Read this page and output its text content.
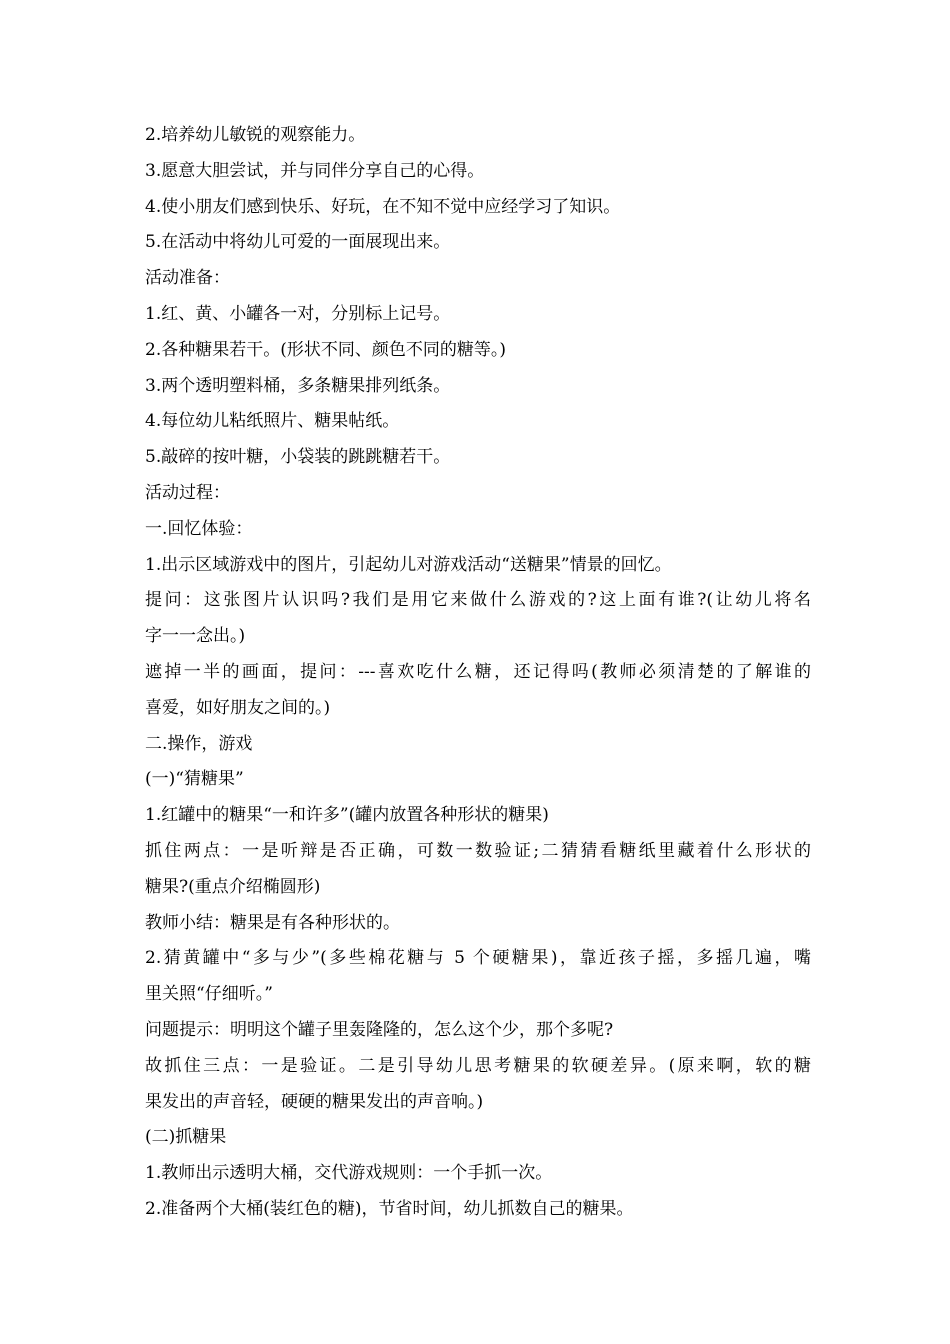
2.培养幼儿敏锐的观察能力。
3.愿意大胆尝试，并与同伴分享自己的心得。
4.使小朋友们感到快乐、好玩，在不知不觉中应经学习了知识。
5.在活动中将幼儿可爱的一面展现出来。
活动准备：
1.红、黄、小罐各一对，分别标上记号。
2.各种糖果若干。(形状不同、颜色不同的糖等。)
3.两个透明塑料桶，多条糖果排列纸条。
4.每位幼儿粘纸照片、糖果帖纸。
5.敲碎的按叶糖，小袋装的跳跳糖若干。
活动过程：
一.回忆体验：
1.出示区域游戏中的图片，引起幼儿对游戏活动“送糖果”情景的回忆。
提问：这张图片认识吗?我们是用它来做什么游戏的?这上面有谁?(让幼儿将名
字一一念出。)
遮掉一半的画面，提问：---喜欢吃什么糖，还记得吗(教师必须清楚的了解谁的
喜爱，如好朋友之间的。)
二.操作，游戏
(一)“猜糖果”
1.红罐中的糖果“一和许多”(罐内放置各种形状的糖果)
抓住两点：一是听辩是否正确，可数一数验证;二猜猜看糖纸里藏着什么形状的
糖果?(重点介绍椭圆形)
教师小结：糖果是有各种形状的。
2.猜黄罐中“多与少”(多些棉花糖与 5 个硬糖果)，靠近孩子摇，多摇几遍，嘴
里关照“仔细听。”
问题提示：明明这个罐子里轰隆隆的，怎么这个少，那个多呢?
故抓住三点：一是验证。二是引导幼儿思考糖果的软硬差异。(原来啊，软的糖
果发出的声音轻，硬硬的糖果发出的声音响。)
(二)抓糖果
1.教师出示透明大桶，交代游戏规则：一个手抓一次。
2.准备两个大桶(装红色的糖)，节省时间，幼儿抓数自己的糖果。
